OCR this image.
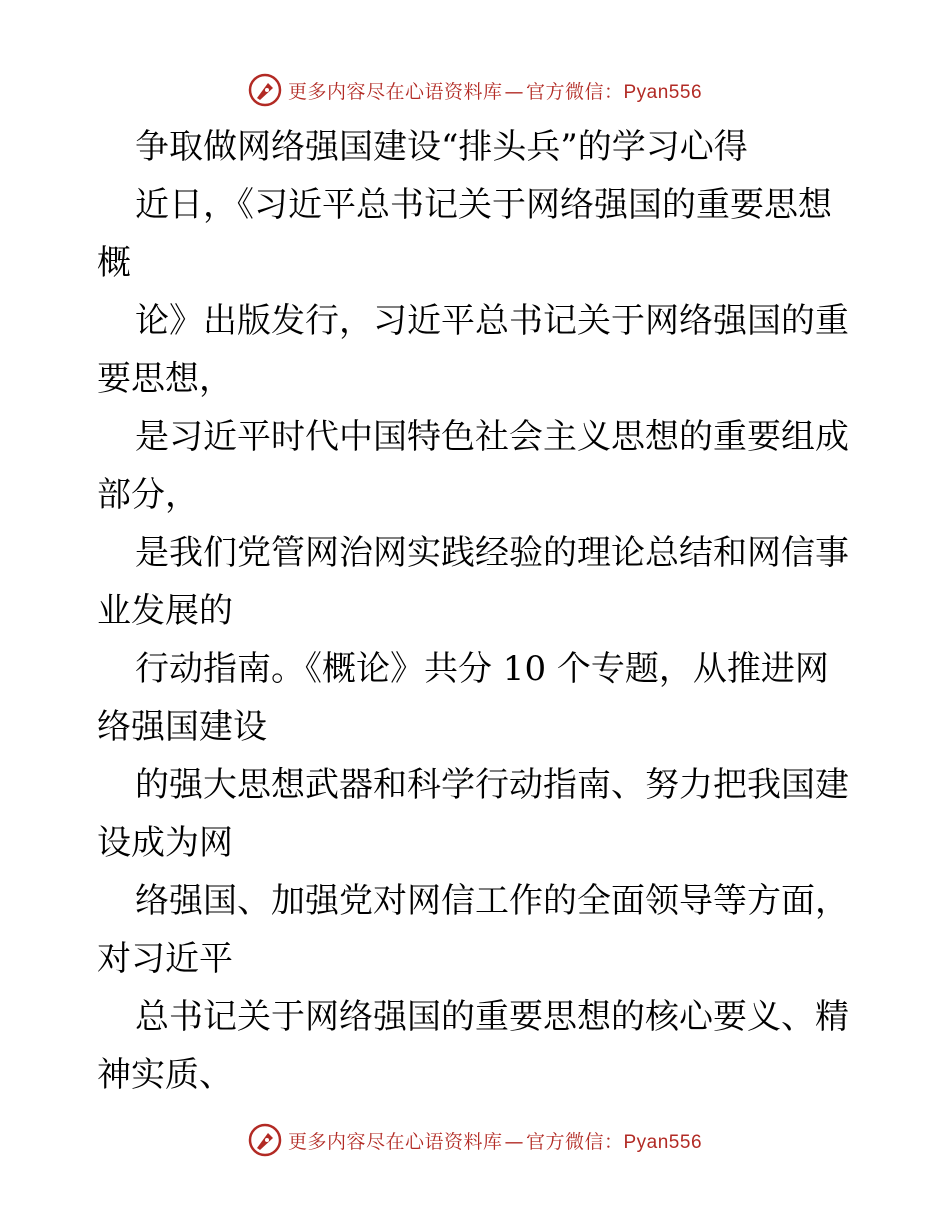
更多内容尽在心语资料库 — 官方微信：Pyan556
争取做网络强国建设“排头兵”的学习心得
近日，《习近平总书记关于网络强国的重要思想
概
论》出版发行，习近平总书记关于网络强国的重
要思想，
是习近平时代中国特色社会主义思想的重要组成
部分，
是我们党管网治网实践经验的理论总结和网信事
业发展的
行动指南。《概论》共分 10 个专题，从推进网
络强国建设
的强大思想武器和科学行动指南、努力把我国建
设成为网
络强国、加强党对网信工作的全面领导等方面，
对习近平
总书记关于网络强国的重要思想的核心要义、精
神实质、
更多内容尽在心语资料库 — 官方微信：Pyan556
